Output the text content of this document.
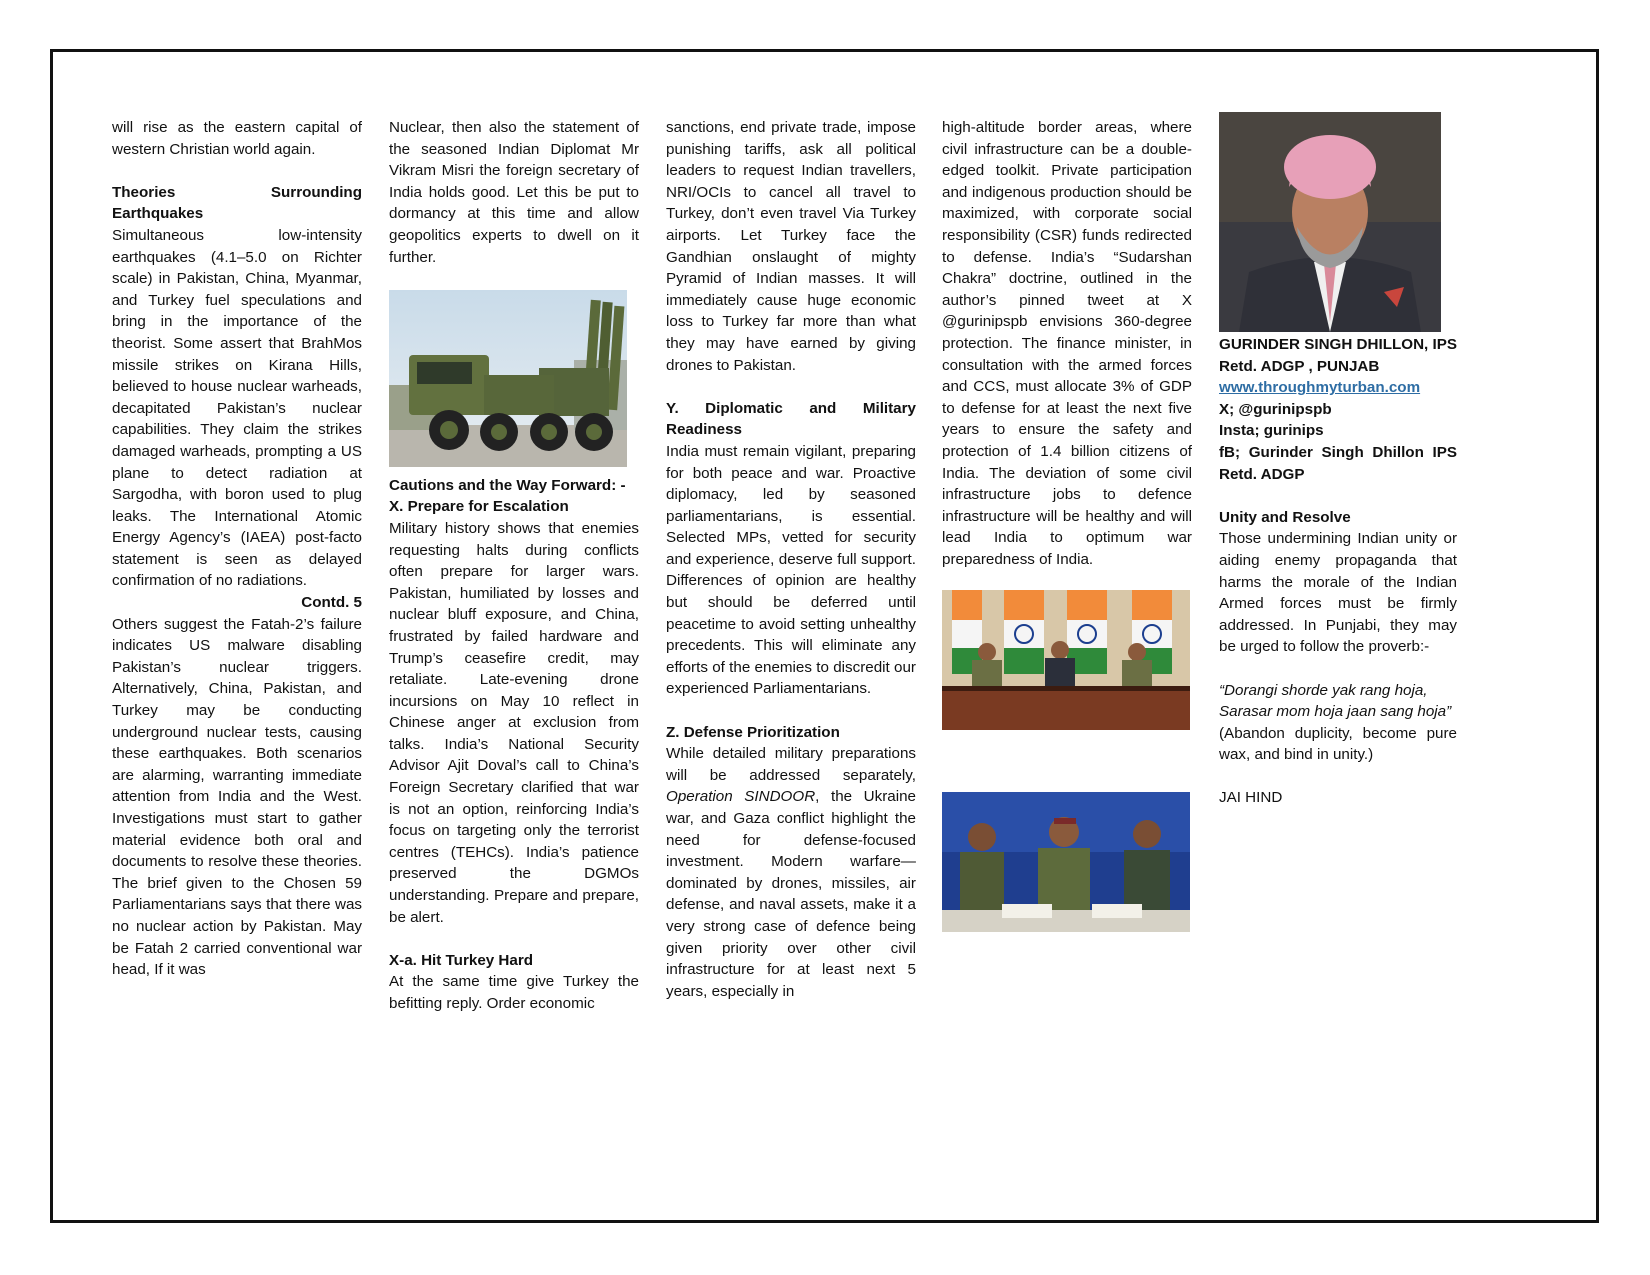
will rise as the eastern capital of western Christian world again.

Theories Surrounding Earthquakes

Simultaneous low-intensity earthquakes (4.1–5.0 on Richter scale) in Pakistan, China, Myanmar, and Turkey fuel speculations and bring in the importance of the theorist. Some assert that BrahMos missile strikes on Kirana Hills, believed to house nuclear warheads, decapitated Pakistan’s nuclear capabilities. They claim the strikes damaged warheads, prompting a US plane to detect radiation at Sargodha, with boron used to plug leaks. The International Atomic Energy Agency’s (IAEA) post-facto statement is seen as delayed confirmation of no radiations.

Contd. 5

Others suggest the Fatah-2’s failure indicates US malware disabling Pakistan’s nuclear triggers. Alternatively, China, Pakistan, and Turkey may be conducting underground nuclear tests, causing these earthquakes. Both scenarios are alarming, warranting immediate attention from India and the West. Investigations must start to gather material evidence both oral and documents to resolve these theories. The brief given to the Chosen 59 Parliamentarians says that there was no nuclear action by Pakistan. May be Fatah 2 carried conventional war head, If it was

Nuclear, then also the statement of the seasoned Indian Diplomat Mr Vikram Misri the foreign secretary of India holds good. Let this be put to dormancy at this time and allow geopolitics experts to dwell on it further.

Cautions and the Way Forward: -

X. Prepare for Escalation

Military history shows that enemies requesting halts during conflicts often prepare for larger wars. Pakistan, humiliated by losses and nuclear bluff exposure, and China, frustrated by failed hardware and Trump’s ceasefire credit, may retaliate. Late-evening drone incursions on May 10 reflect in Chinese anger at exclusion from talks. India’s National Security Advisor Ajit Doval’s call to China’s Foreign Secretary clarified that war is not an option, reinforcing India’s focus on targeting only the terrorist centres (TEHCs). India’s patience preserved the DGMOs understanding. Prepare and prepare, be alert.

X-a. Hit Turkey Hard

At the same time give Turkey the befitting reply. Order economic

sanctions, end private trade, impose punishing tariffs, ask all political leaders to request Indian travellers, NRI/OCIs to cancel all travel to Turkey, don’t even travel Via Turkey airports. Let Turkey face the Gandhian onslaught of mighty Pyramid of Indian masses. It will immediately cause huge economic loss to Turkey far more than what they may have earned by giving drones to Pakistan.

Y. Diplomatic and Military Readiness

India must remain vigilant, preparing for both peace and war. Proactive diplomacy, led by seasoned parliamentarians, is essential. Selected MPs, vetted for security and experience, deserve full support. Differences of opinion are healthy but should be deferred until peacetime to avoid setting unhealthy precedents. This will eliminate any efforts of the enemies to discredit our experienced Parliamentarians.

Z. Defense Prioritization

While detailed military preparations will be addressed separately, Operation SINDOOR, the Ukraine war, and Gaza conflict highlight the need for defense-focused investment. Modern warfare—dominated by drones, missiles, air defense, and naval assets, make it a very strong case of defence being given priority over other civil infrastructure for at least next 5 years, especially in

high-altitude border areas, where civil infrastructure can be a double-edged toolkit. Private participation and indigenous production should be maximized, with corporate social responsibility (CSR) funds redirected to defense. India’s “Sudarshan Chakra” doctrine, outlined in the author’s pinned tweet at X @gurinipspb envisions 360-degree protection. The finance minister, in consultation with the armed forces and CCS, must allocate 3% of GDP to defense for at least the next five years to ensure the safety and protection of 1.4 billion citizens of India. The deviation of some civil infrastructure jobs to defence infrastructure will be healthy and will lead India to optimum war preparedness of India.

GURINDER SINGH DHILLON, IPS

Retd. ADGP , PUNJAB

www.throughmyturban.com

X; @gurinipspb

Insta; gurinips

fB; Gurinder Singh Dhillon IPS Retd. ADGP

Unity and Resolve

Those undermining Indian unity or aiding enemy propaganda that harms the morale of the Indian Armed forces must be firmly addressed. In Punjabi, they may be urged to follow the proverb:-

“Dorangi shorde yak rang hoja,

Sarasar mom hoja jaan sang hoja”

(Abandon duplicity, become pure wax, and bind in unity.)

JAI HIND
